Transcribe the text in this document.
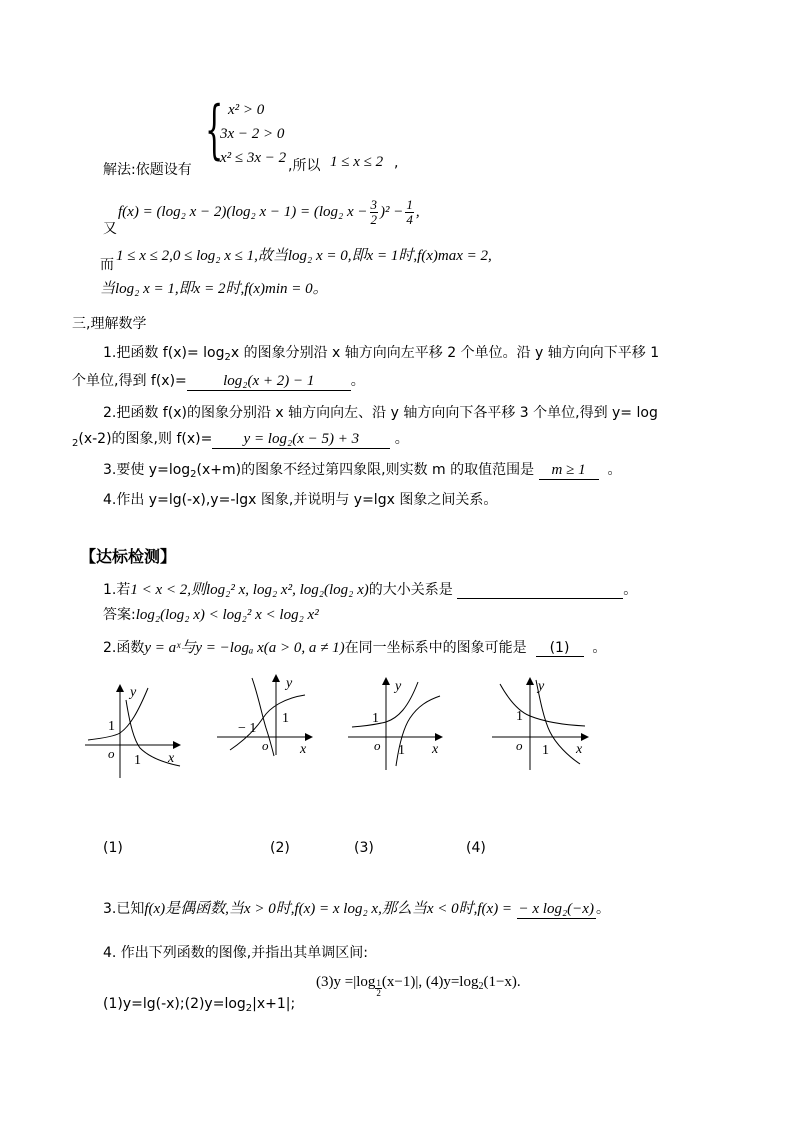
{ x² > 0
3x − 2 > 0
x² ≤ 3x − 2
解法:依题设有	,所以 1 ≤ x ≤ 2 ,
又
f(x) = (log₂ x − 2)(log₂ x − 1) = (log₂ $x - \frac{3}{2} )^2 - \frac{1}{4}$ ,
而
1 ≤ x ≤ 2,0 ≤ log₂ x ≤ 1,故当log₂ x = 0,即x = 1时,f(x)max = 2,
当log₂ x = 1,即x = 2时,f(x)min = 0。
三,理解数学
1.把函数 $f(x)= \log_2x$ 的图象分别沿 x 轴方向向左平移 2 个单位。沿 y 轴方向向下平移 1
个单位,得到 f(x)= log₂(x + 2) − 1	。
2.把函数 f(x)的图象分别沿 x 轴方向向左、沿 y 轴方向向下各平移 3 个单位,得到 y= log
$_2$(x-2)的图象,则 f(x)= y = log₂(x − 5) + 3	。
3.要使 $y=\log_2(x+m)$的图象不经过第四象限,则实数 m 的取值范围是 m ≥ 1 。
4.作出 y=lg(-x),y=-lgx 图象,并说明与 y=lgx 图象之间关系。
【达标检测】
1.若1 < x < 2,则log₂² x, log₂ x², log₂(log₂ x)的大小关系是	。
答案:log₂(log₂ x) < log₂² x < log₂ x²
2.函数y = aˣ与y = −logₐ x(a > 0, a ≠ 1)在同一坐标系中的图象可能是 (1) 。
y
1
o 1 x
y
− 1
1
o x
y
1
o 1 x
y
1
o 1 x
(1)	(2)	(3)	(4)
3.已知f(x)是偶函数,当x > 0时,f(x) = x log₂ x,那么当x < 0时,f(x) = − x log₂(−x) 。
4. 作出下列函数的图像,并指出其单调区间:
$(3)y =|\log \frac{1}{2} (x-1)|$, $(4)y=\log_2(1-x)$.
$(1)y=\lg(-x);(2)y=\log_2|x+1|$;
